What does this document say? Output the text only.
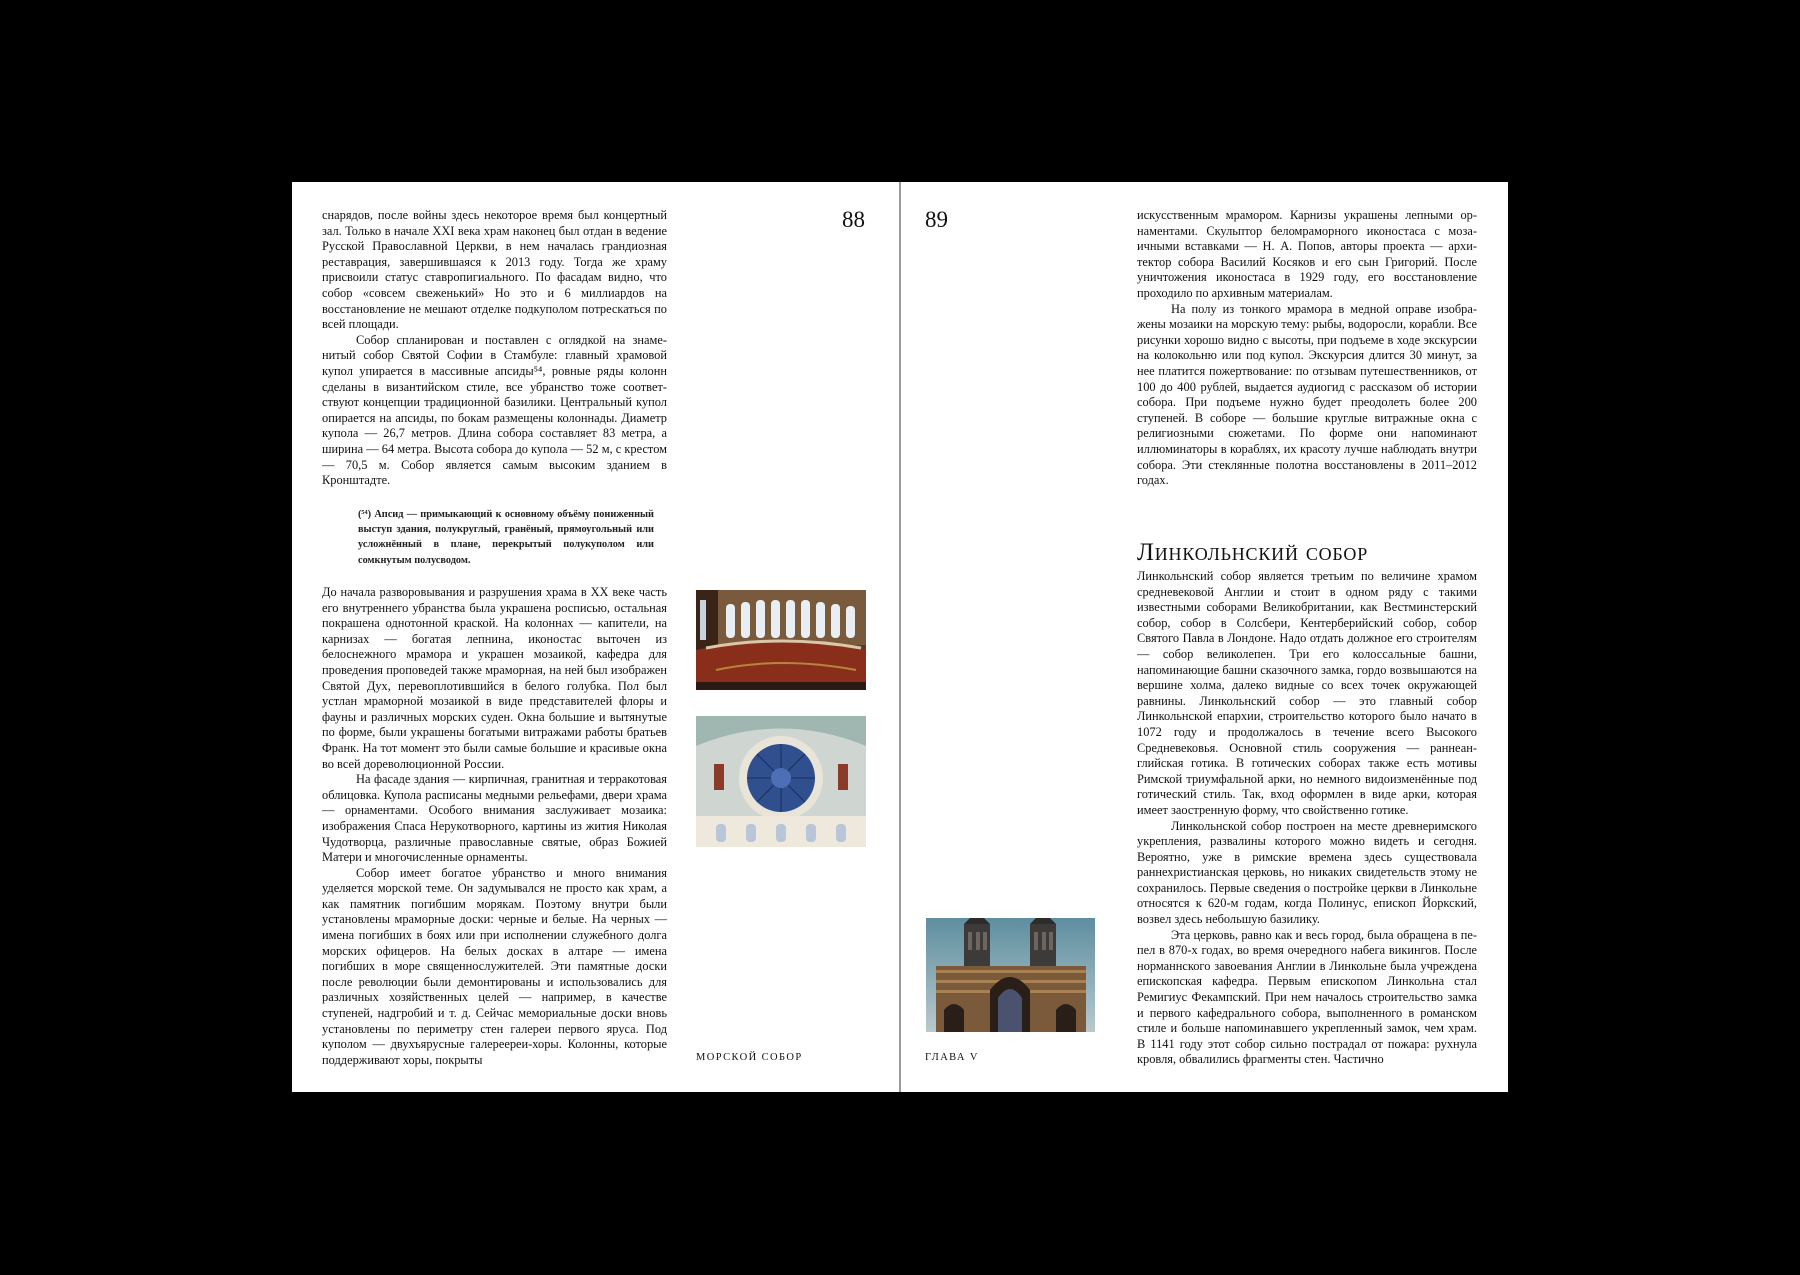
88

снарядов, после войны здесь некоторое время был концертный зал. Только в начале XXI века храм наконец был отдан в ведение Русской Православной Церкви, в нем началась грандиозная реставрация, завершившаяся к 2013 году. Тогда же храму присвоили статус ставропигиального. По фасадам видно, что собор «совсем свеженький» Но это и 6 миллиардов на восстановление не мешают отделке подкуполом потрескаться по всей площади.

Собор спланирован и поставлен с оглядкой на знаменитый собор Святой Софии в Стамбуле: главный храмовой купол упирается в массивные апсиды⁵⁴, ровные ряды колонн сделаны в византийском стиле, все убранство тоже соответствуют концепции традиционной базилики. Центральный купол опирается на апсиды, по бокам размещены колоннады. Диаметр купола — 26,7 метров. Длина собора составляет 83 метра, а ширина — 64 метра. Высота собора до купола — 52 м, с крестом — 70,5 м. Собор является самым высоким зданием в Кронштадте.

(⁵⁴) Апсид — примыкающий к основному объёму пониженный выступ здания, полукруглый, гранёный, прямоугольный или усложнённый в плане, перекрытый полукуполом или сомкнутым полусводом.

До начала разворовывания и разрушения храма в XX веке часть его внутреннего убранства была украшена росписью, остальная покрашена однотонной краской. На колоннах — капители, на карнизах — богатая лепнина, иконостас выточен из белоснежного мрамора и украшен мозаикой, кафедра для проведения проповедей также мраморная, на ней был изображен Святой Дух, перевоплотившийся в белого голубка. Пол был устлан мраморной мозаикой в виде представителей флоры и фауны и различных морских суден. Окна большие и вытянутые по форме, были украшены богатыми витражами работы братьев Франк. На тот момент это были самые большие и красивые окна во всей дореволюционной России.

На фасаде здания — кирпичная, гранитная и терракотовая облицовка. Купола расписаны медными рельефами, двери храма — орнаментами. Особого внимания заслуживает мозаика: изображения Спаса Нерукотворного, картины из жития Николая Чудотворца, различные православные святые, образ Божией Матери и многочисленные орнаменты.

Собор имеет богатое убранство и много внимания уделяется морской теме. Он задумывался не просто как храм, а как памятник погибшим морякам. Поэтому внутри были установлены мраморные доски: черные и белые. На черных — имена погибших в боях или при исполнении служебного долга морских офицеров. На белых досках в алтаре — имена погибших в море священнослужителей. Эти памятные доски после революции были демонтированы и использовались для различных хозяйственных целей — например, в качестве ступеней, надгробий и т. д. Сейчас мемориальные доски вновь установлены по периметру стен галереи первого яруса. Под куполом — двухъярусные галереереи-хоры. Колонны, которые поддерживают хоры, покрыты	МОРСКОЙ СОБОР
89	искусственным мрамором. Карнизы украшены лепными орнаментами. Скульптор беломраморного иконостаса с мозаичными вставками — Н. А. Попов, авторы проекта — архитектор собора Василий Косяков и его сын Григорий. После уничтожения иконостаса в 1929 году, его восстановление проходило по архивным материалам.

На полу из тонкого мрамора в медной оправе изображены мозаики на морскую тему: рыбы, водоросли, корабли. Все рисунки хорошо видно с высоты, при подъеме в ходе экскурсии на колокольню или под купол. Экскурсия длится 30 минут, за нее платится пожертвование: по отзывам путешественников, от 100 до 400 рублей, выдается аудиогид с рассказом об истории собора. При подъеме нужно будет преодолеть более 200 ступеней. В соборе — большие круглые витражные окна с религиозными сюжетами. По форме они напоминают иллюминаторы в кораблях, их красоту лучше наблюдать внутри собора. Эти стеклянные полотна восстановлены в 2011–2012 годах.

Линкольнский собор

Линкольнский собор является третьим по величине храмом средневековой Англии и стоит в одном ряду с такими известными соборами Великобритании, как Вестминстерский собор, собор в Солсбери, Кентерберийский собор, собор Святого Павла в Лондоне. Надо отдать должное его строителям — собор великолепен. Три его колоссальные башни, напоминающие башни сказочного замка, гордо возвышаются на вершине холма, далеко видные со всех точек окружающей равнины. Линкольнский собор — это главный собор Линкольнской епархии, строительство которого было начато в 1072 году и продолжалось в течение всего Высокого Средневековья. Основной стиль сооружения — раннеанглийская готика. В готических соборах также есть мотивы Римской триумфальной арки, но немного видоизменённые под готический стиль. Так, вход оформлен в виде арки, которая имеет заостренную форму, что свойственно готике.

Линкольнской собор построен на месте древнеримского укрепления, развалины которого можно видеть и сегодня. Вероятно, уже в римские времена здесь существовала раннехристианская церковь, но никаких свидетельств этому не сохранилось. Первые сведения о постройке церкви в Линкольне относятся к 620-м годам, когда Полинус, епископ Йоркский, возвел здесь небольшую базилику.

Эта церковь, равно как и весь город, была обращена в пепел в 870-х годах, во время очередного набега викингов. После норманнского завоевания Англии в Линкольне была учреждена епископская кафедра. Первым епископом Линкольна стал Ремигиус Фекампский. При нем началось строительство замка и первого кафедрального собора, выполненного в романском стиле и больше напоминавшего укрепленный замок, чем храм. В 1141 году этот собор сильно пострадал от пожара: рухнула кровля, обвалились фрагменты стен. Частично

ГЛАВА V
